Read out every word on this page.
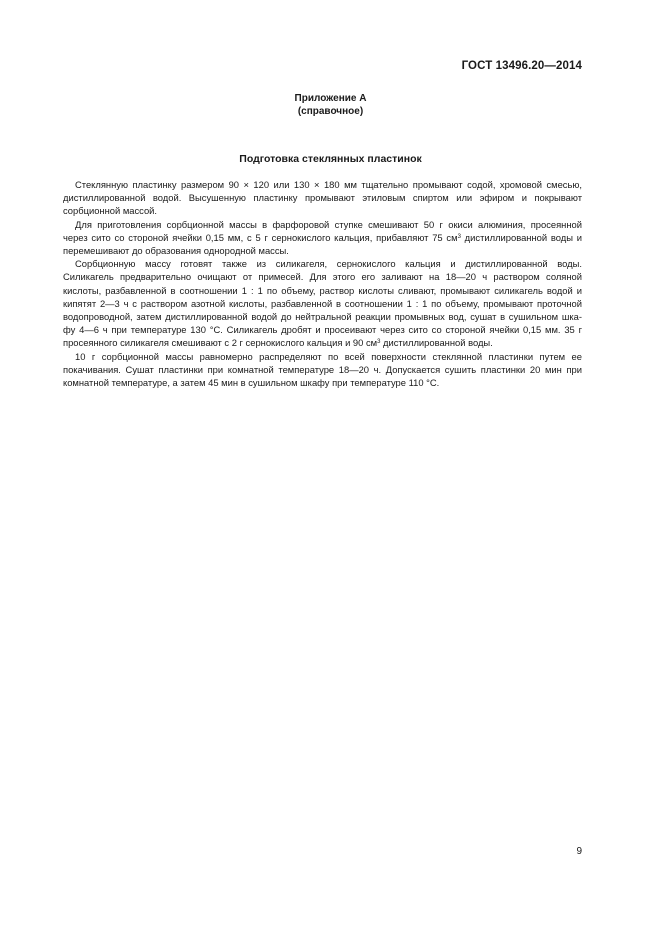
ГОСТ 13496.20—2014
Приложение А
(справочное)
Подготовка стеклянных пластинок
Стеклянную пластинку размером 90 × 120 или 130 × 180 мм тщательно промывают содой, хромовой смесью,
дистиллированной водой. Высушенную пластинку промывают этиловым спиртом или эфиром и покрывают
сорбционной массой.
Для приготовления сорбционной массы в фарфоровой ступке смешивают 50 г окиси алюминия, просеянной
через сито со стороной ячейки 0,15 мм, с 5 г сернокислого кальция, прибавляют 75 $см^3$ дистиллированной воды и
перемешивают до образования однородной массы.
Сорбционную массу готовят также из силикагеля, сернокислого кальция и дистиллированной воды.
Силикагель предварительно очищают от примесей. Для этого его заливают на 18—20 ч раствором соляной
кислоты, разбавленной в соотношении 1 : 1 по объему, раствор кислоты сливают, промывают силикагель водой и
кипятят 2—3 ч с раствором азотной кислоты, разбавленной в соотношении 1 : 1 по объему, промывают проточной
водопроводной, затем дистиллированной водой до нейтральной реакции промывных вод, сушат в сушильном шка-
фу 4—6 ч при температуре 130 °С. Силикагель дробят и просеивают через сито со стороной ячейки 0,15 мм. 35 г
просеянного силикагеля смешивают с 2 г сернокислого кальция и 90 $см^3$ дистиллированной воды.
10 г сорбционной массы равномерно распределяют по всей поверхности стеклянной пластинки путем ее
покачивания. Сушат пластинки при комнатной температуре 18—20 ч. Допускается сушить пластинки 20 мин при
комнатной температуре, а затем 45 мин в сушильном шкафу при температуре 110 °С.
9
